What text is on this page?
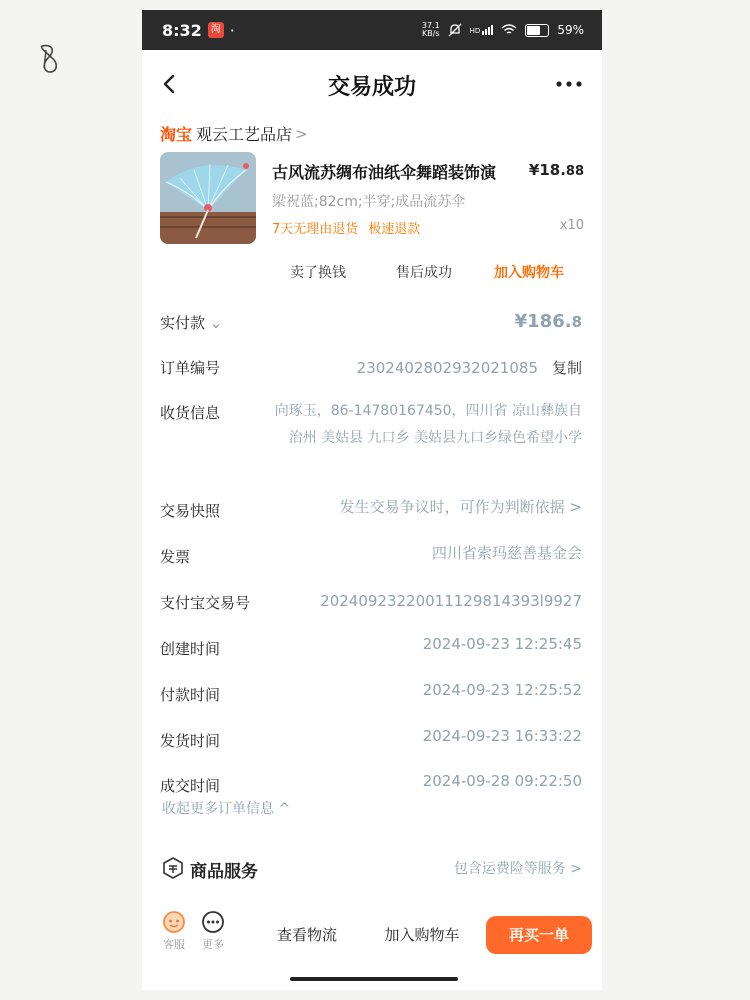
8:32 淘 ·	37.1
KB/s	HD	59%
交易成功
淘宝 观云工艺品店 >
古风流苏绸布油纸伞舞蹈装饰演 ¥18.88
梁祝蓝;82cm;半穿;成品流苏伞
7天无理由退货 极速退款	x10
卖了换钱	售后成功	加入购物车
实付款 ⌄	¥186.8
订单编号	2302402802932021085 复制
收货信息	向琢玉，86-14780167450，四川省 凉山彝族自治州 美姑县 九口乡 美姑县九口乡绿色希望小学
交易快照	发生交易争议时，可作为判断依据 >
发票	四川省索玛慈善基金会
支付宝交易号	20240923220011129814393l9927
创建时间	2024-09-23 12:25:45
付款时间	2024-09-23 12:25:52
发货时间	2024-09-23 16:33:22
成交时间	2024-09-28 09:22:50
收起更多订单信息 ^
商品服务	包含运费险等服务 >
客服	更多
查看物流	加入购物车	再买一单
